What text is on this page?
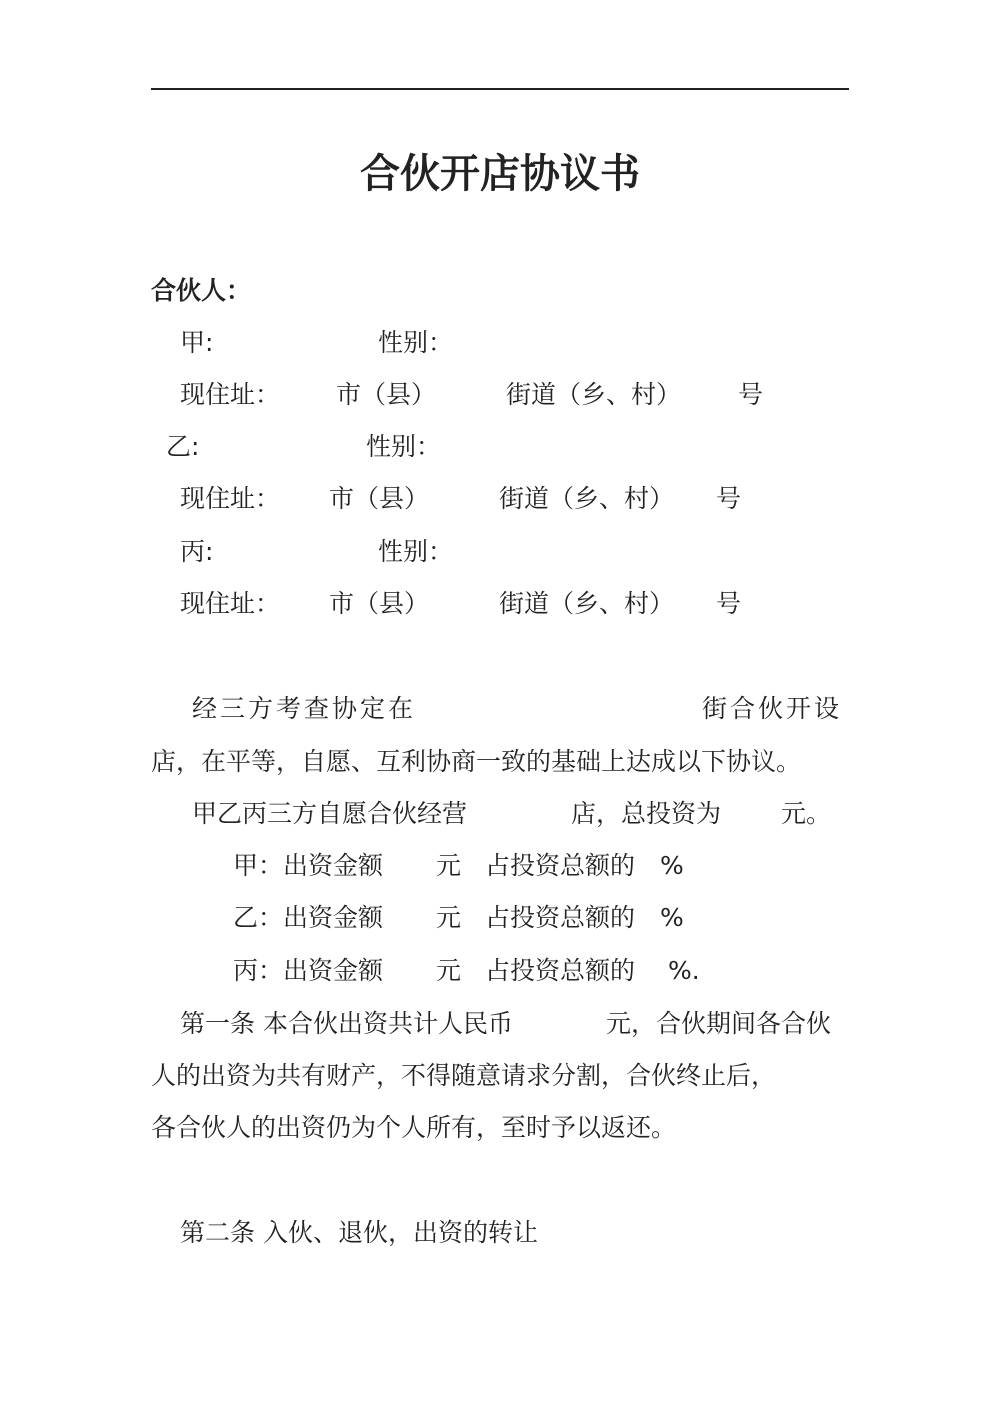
合伙开店协议书
合伙人：
甲:	性别：
现住址： 市（县）	街道（乡、村） 号
乙:	性别：
现住址： 市（县）	街道（乡、村） 号
丙:	性别：
现住址： 市（县）	街道（乡、村） 号
经三方考查协定在	街合伙开设
店，在平等，自愿、互利协商一致的基础上达成以下协议。
甲乙丙三方自愿合伙经营	店，总投资为 元。
甲：出资金额 元 占投资总额的 %
乙：出资金额 元 占投资总额的 %
丙：出资金额 元 占投资总额的 %.
第一条 本合伙出资共计人民币	元，合伙期间各合伙
人的出资为共有财产，不得随意请求分割，合伙终止后，
各合伙人的出资仍为个人所有，至时予以返还。
第二条 入伙、退伙，出资的转让
